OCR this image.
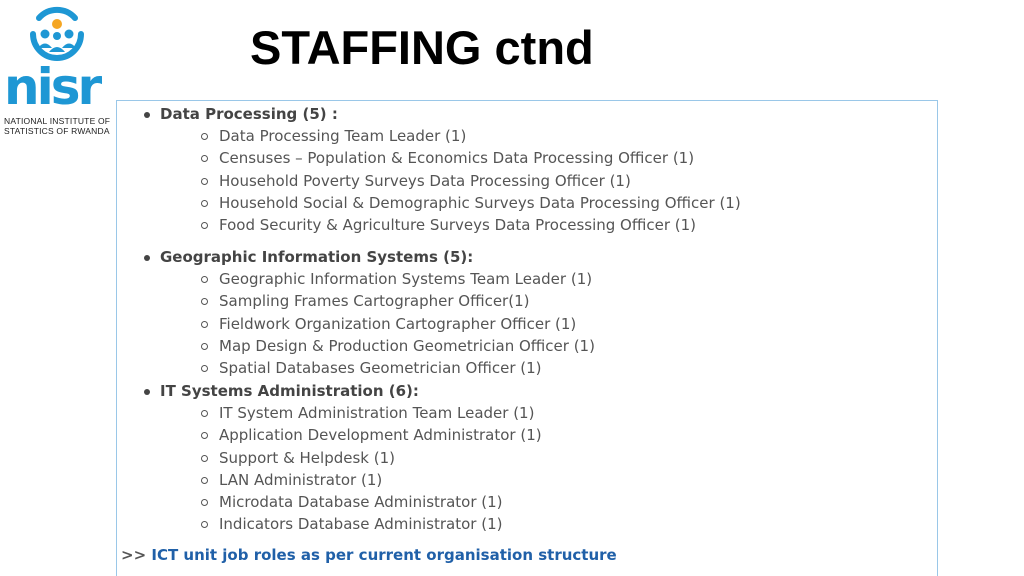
nisr
NATIONAL INSTITUTE OF
STATISTICS OF RWANDA
STAFFING ctnd
Data Processing (5) :
Data Processing Team Leader (1)
Censuses – Population & Economics Data Processing Officer (1)
Household Poverty Surveys Data Processing Officer (1)
Household Social & Demographic Surveys Data Processing Officer (1)
Food Security & Agriculture Surveys Data Processing Officer (1)
Geographic Information Systems (5):
Geographic Information Systems Team Leader (1)
Sampling Frames Cartographer Officer(1)
Fieldwork Organization Cartographer Officer (1)
Map Design & Production Geometrician Officer (1)
Spatial Databases Geometrician Officer (1)
IT Systems Administration (6):
IT System Administration Team Leader (1)
Application Development Administrator (1)
Support & Helpdesk (1)
LAN Administrator (1)
Microdata Database Administrator (1)
Indicators Database Administrator (1)
>> ICT unit job roles as per current organisation structure
